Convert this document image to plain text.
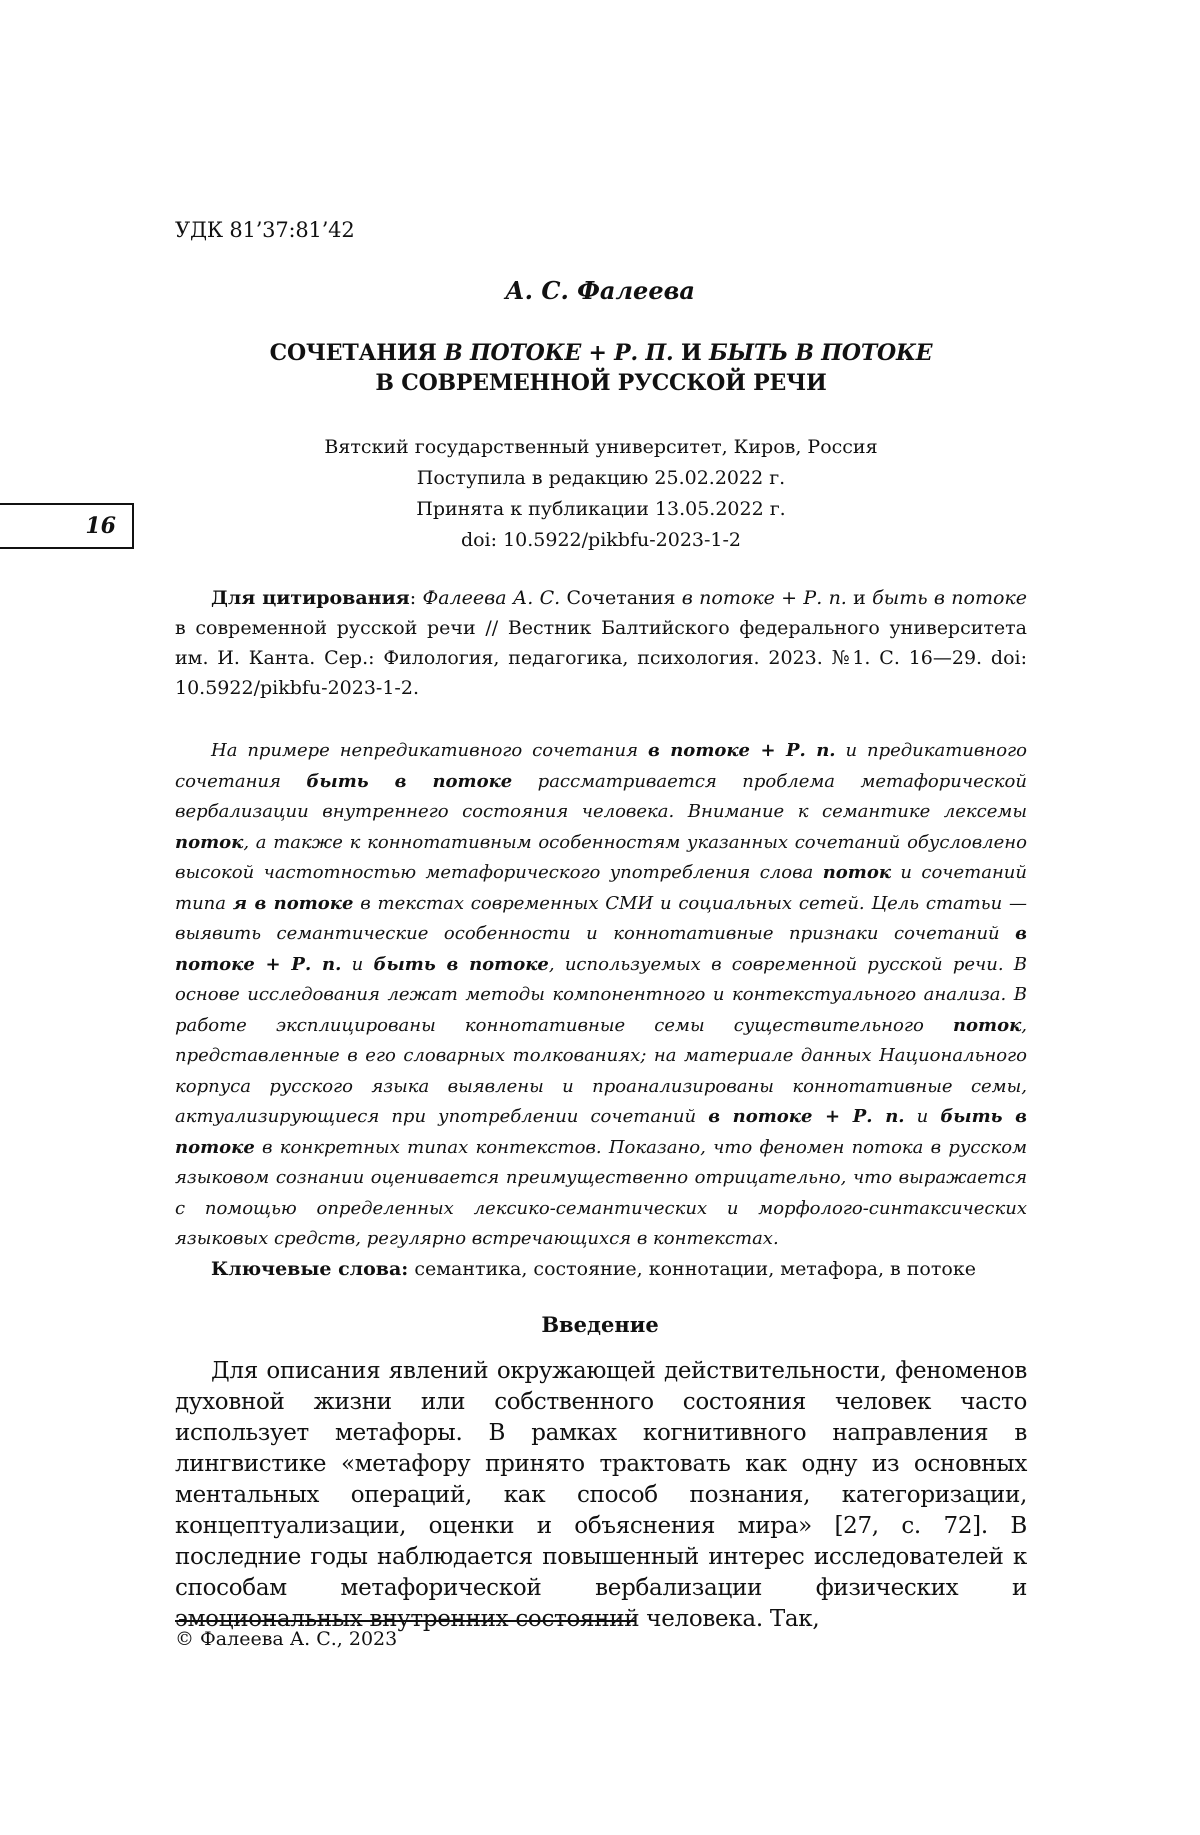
УДК 81’37:81’42
А. С. Фалеева
СОЧЕТАНИЯ В ПОТОКЕ + Р. П. И БЫТЬ В ПОТОКЕ
В СОВРЕМЕННОЙ РУССКОЙ РЕЧИ
Вятский государственный университет, Киров, Россия
Поступила в редакцию 25.02.2022 г.
Принята к публикации 13.05.2022 г.
doi: 10.5922/pikbfu-2023-1-2
16
Для цитирования: Фалеева А. С. Сочетания в потоке + Р. п. и быть в потоке в современной русской речи // Вестник Балтийского федерального университета им. И. Канта. Сер.: Филология, педагогика, психология. 2023. №1. С. 16—29. doi: 10.5922/pikbfu-2023-1-2.
На примере непредикативного сочетания в потоке + Р. п. и предикативного сочетания быть в потоке рассматривается проблема метафорической вербализации внутреннего состояния человека. Внимание к семантике лексемы поток, а также к коннотативным особенностям указанных сочетаний обусловлено высокой частотностью метафорического употребления слова поток и сочетаний типа я в потоке в текстах современных СМИ и социальных сетей. Цель статьи — выявить семантические особенности и коннотативные признаки сочетаний в потоке + Р. п. и быть в потоке, используемых в современной русской речи. В основе исследования лежат методы компонентного и контекстуального анализа. В работе эксплицированы коннотативные семы существительного поток, представленные в его словарных толкованиях; на материале данных Национального корпуса русского языка выявлены и проанализированы коннотативные семы, актуализирующиеся при употреблении сочетаний в потоке + Р. п. и быть в потоке в конкретных типах контекстов. Показано, что феномен потока в русском языковом сознании оценивается преимущественно отрицательно, что выражается с помощью определенных лексико-семантических и морфолого-синтаксических языковых средств, регулярно встречающихся в контекстах.
Ключевые слова: семантика, состояние, коннотации, метафора, в потоке
Введение
Для описания явлений окружающей действительности, феноменов духовной жизни или собственного состояния человек часто использует метафоры. В рамках когнитивного направления в лингвистике «метафору принято трактовать как одну из основных ментальных операций, как способ познания, категоризации, концептуализации, оценки и объяснения мира» [27, с. 72]. В последние годы наблюдается повышенный интерес исследователей к способам метафорической вербализации физических и эмоциональных внутренних состояний человека. Так,
© Фалеева А. С., 2023
